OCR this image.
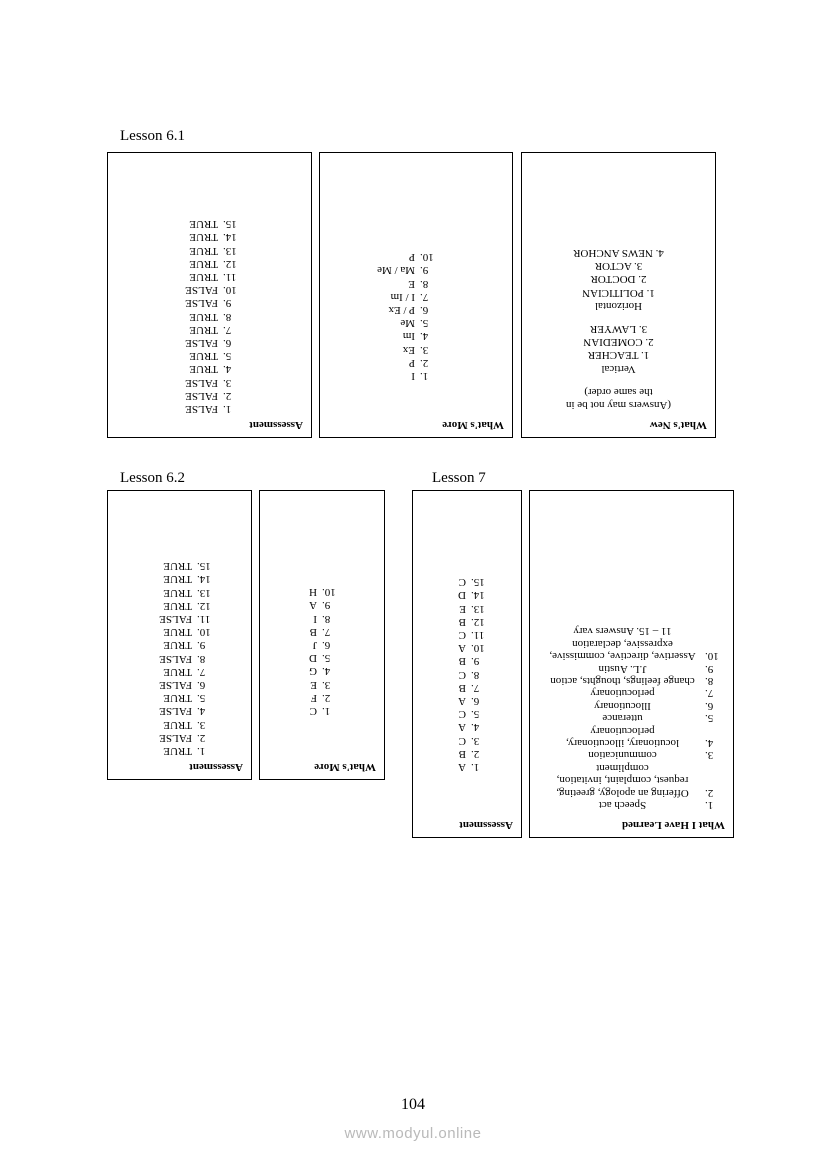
Lesson 6.1
Assessment
1.FALSE
2.FALSE
3.FALSE
4.TRUE
5.TRUE
6.FALSE
7.TRUE
8.TRUE
9.FALSE
10.FALSE
11.TRUE
12.TRUE
13.TRUE
14.TRUE
15.TRUE
What's More
1.I
2.P
3.Ex
4.Im
5.Me
6.P / Ex
7.I / Im
8.E
9.Ma / Me
10.P
What's New
(Answers may not be in
the same order)
Vertical
1. TEACHER
2. COMEDIAN
3. LAWYER
Horizontal
1. POLITICIAN
2. DOCTOR
3. ACTOR
4. NEWS ANCHOR
Lesson 6.2	Lesson 7
Assessment
1.TRUE
2.FALSE
3.TRUE
4.FALSE
5.TRUE
6.FALSE
7.TRUE
8.FALSE
9.TRUE
10.TRUE
11.FALSE
12.TRUE
13.TRUE
14.TRUE
15.TRUE
What's More
1.C
2.F
3.E
4.G
5.D
6.J
7.B
8.I
9.A
10.H
Assessment
1.A
2.B
3.C
4.A
5.C
6.A
7.B
8.C
9.B
10.A
11.C
12.B
13.E
14.D
15.C
What I Have Learned
1.
Speech act
2.
Offering an apology, greeting, request, complaint, invitation, compliment
3.
communication
4.
locutionary, illocutionary, perlocutionary
5.
utterance
6.
Illocutionary
7.
perlocutionary
8.
change feelings, thoughts, action
9.
J.L. Austin
10.
Assertive, directive, commissive, expressive, declaration
11 – 15. Answers vary
104
www.modyul.online
